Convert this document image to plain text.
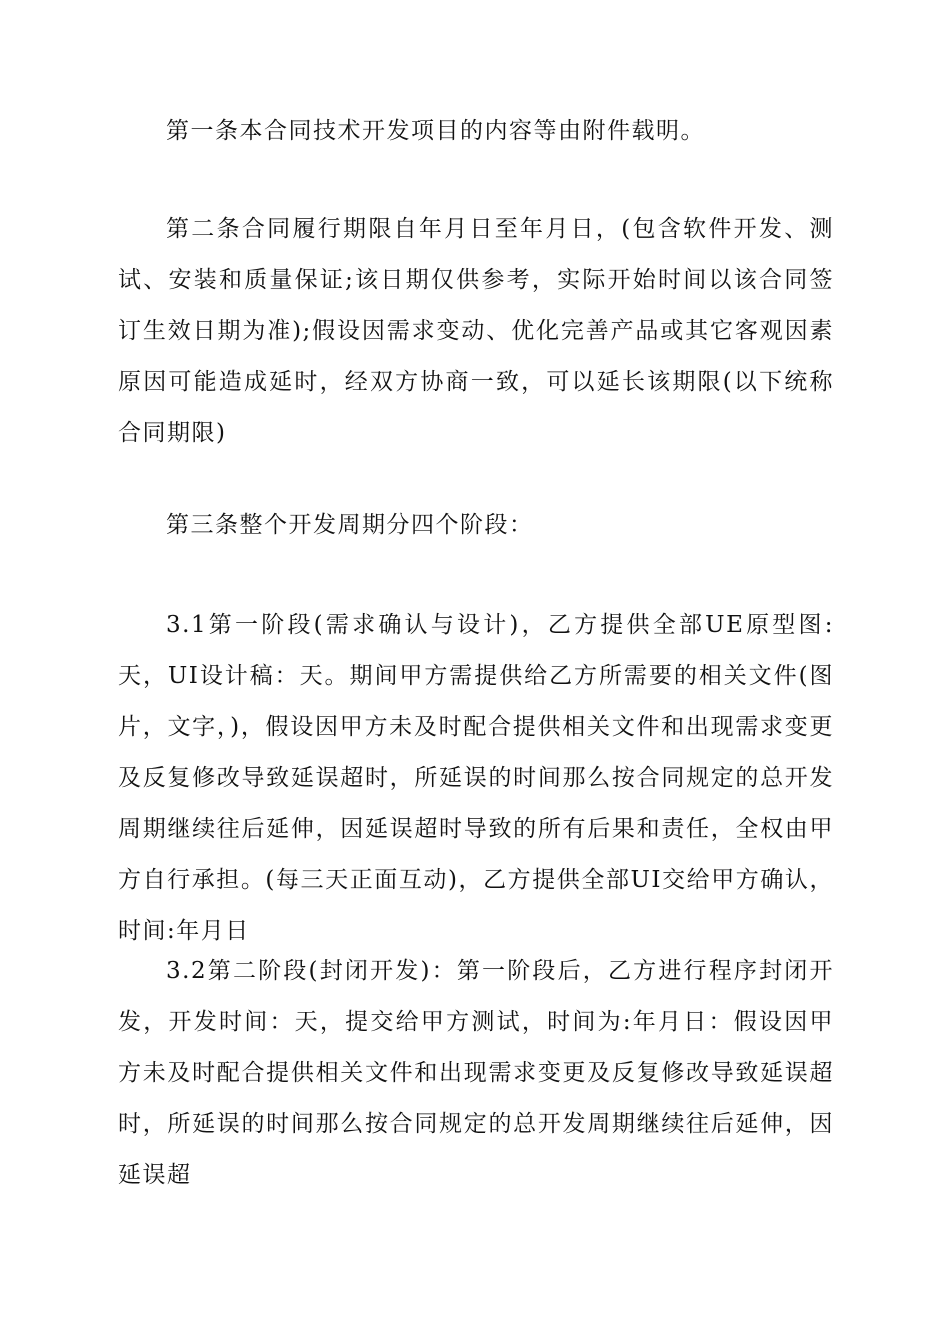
第一条本合同技术开发项目的内容等由附件载明。

第二条合同履行期限自年月日至年月日，(包含软件开发、测试、安装和质量保证;该日期仅供参考，实际开始时间以该合同签订生效日期为准);假设因需求变动、优化完善产品或其它客观因素原因可能造成延时，经双方协商一致，可以延长该期限(以下统称合同期限)

第三条整个开发周期分四个阶段：

3.1第一阶段(需求确认与设计)，乙方提供全部UE原型图:天，UI设计稿：天。期间甲方需提供给乙方所需要的相关文件(图片，文字，)，假设因甲方未及时配合提供相关文件和出现需求变更及反复修改导致延误超时，所延误的时间那么按合同规定的总开发周期继续往后延伸，因延误超时导致的所有后果和责任，全权由甲方自行承担。(每三天正面互动)，乙方提供全部UI交给甲方确认，时间:年月日

3.2第二阶段(封闭开发)：第一阶段后，乙方进行程序封闭开发，开发时间：天，提交给甲方测试，时间为:年月日：假设因甲方未及时配合提供相关文件和出现需求变更及反复修改导致延误超时，所延误的时间那么按合同规定的总开发周期继续往后延伸，因延误超
